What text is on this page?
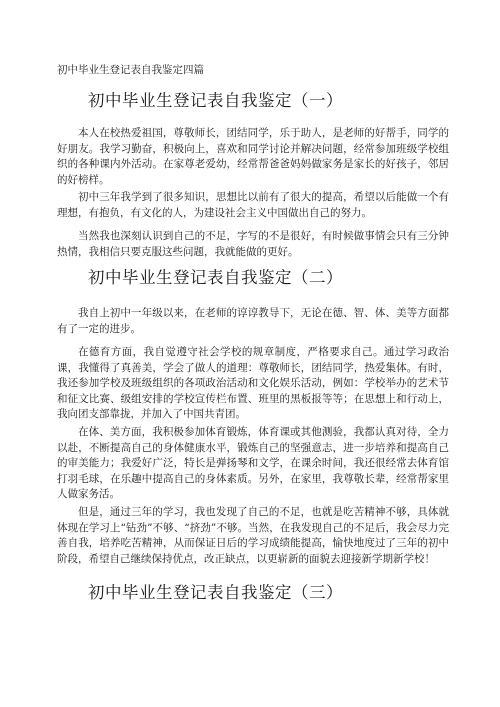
初中毕业生登记表自我鉴定四篇
初中毕业生登记表自我鉴定（一）

本人在校热爱祖国，尊敬师长，团结同学，乐于助人，是老师的好帮手，同学的好朋友。我学习勤奋，积极向上，喜欢和同学讨论并解决问题，经常参加班级学校组织的各种课内外活动。在家尊老爱幼，经常帮爸爸妈妈做家务是家长的好孩子，邻居的好榜样。

初中三年我学到了很多知识，思想比以前有了很大的提高，希望以后能做一个有理想，有抱负，有文化的人，为建设社会主义中国做出自己的努力。

当然我也深刻认识到自己的不足，字写的不是很好，有时候做事情会只有三分钟热情，我相信只要克服这些问题，我就能做的更好。

初中毕业生登记表自我鉴定（二）

我自上初中一年级以来，在老师的谆谆教导下，无论在德、智、体、美等方面都有了一定的进步。

在德育方面，我自觉遵守社会学校的规章制度，严格要求自己。通过学习政治课，我懂得了真善美，学会了做人的道理：尊敬师长，团结同学，热爱集体。有时，我还参加学校及班级组织的各项政治活动和文化娱乐活动，例如：学校举办的艺术节和征文比赛、级组安排的学校宣传栏布置、班里的黑板报等等；在思想上和行动上，我向团支部靠拢，并加入了中国共青团。

在体、美方面，我积极参加体育锻炼，体育课或其他测验，我都认真对待，全力以赴，不断提高自己的身体健康水平，锻炼自己的坚强意志，进一步培养和提高自己的审美能力；我爱好广泛，特长是弹扬琴和文学，在课余时间，我还很经常去体育馆打羽毛球，在乐趣中提高自己的身体素质。另外，在家里，我尊敬长辈，经常帮家里人做家务活。

但是，通过三年的学习，我也发现了自己的不足，也就是吃苦精神不够，具体就体现在学习上“钻劲”不够、“挤劲”不够。当然，在我发现自己的不足后，我会尽力完善自我，培养吃苦精神，从而保证日后的学习成绩能提高，愉快地度过了三年的初中阶段，希望自己继续保持优点，改正缺点，以更崭新的面貌去迎接新学期新学校！

初中毕业生登记表自我鉴定（三）
